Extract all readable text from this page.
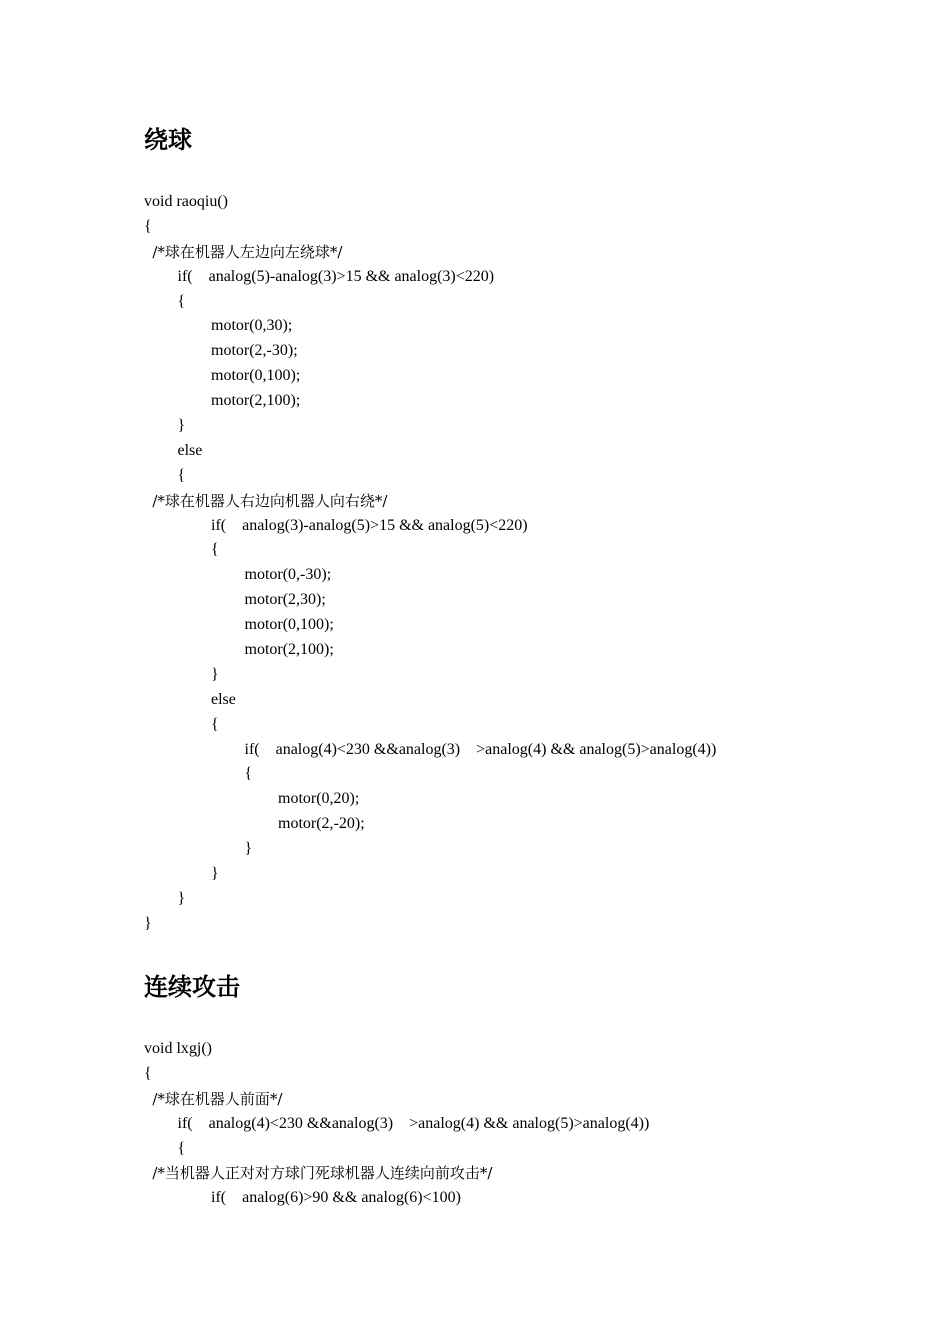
绕球
void raoqiu()
{
/*球在机器人左边向左绕球*/
if(    analog(5)-analog(3)>15 && analog(3)<220)
{
motor(0,30);
motor(2,-30);
motor(0,100);
motor(2,100);
}
else
{
/*球在机器人右边向机器人向右绕*/
if(    analog(3)-analog(5)>15 && analog(5)<220)
{
motor(0,-30);
motor(2,30);
motor(0,100);
motor(2,100);
}
else
{
if(    analog(4)<230 &&analog(3)    >analog(4) && analog(5)>analog(4))
{
motor(0,20);
motor(2,-20);
}
}
}
}
连续攻击
void lxgj()
{
/*球在机器人前面*/
if(    analog(4)<230 &&analog(3)    >analog(4) && analog(5)>analog(4))
{
/*当机器人正对对方球门死球机器人连续向前攻击*/
if(    analog(6)>90 && analog(6)<100)
